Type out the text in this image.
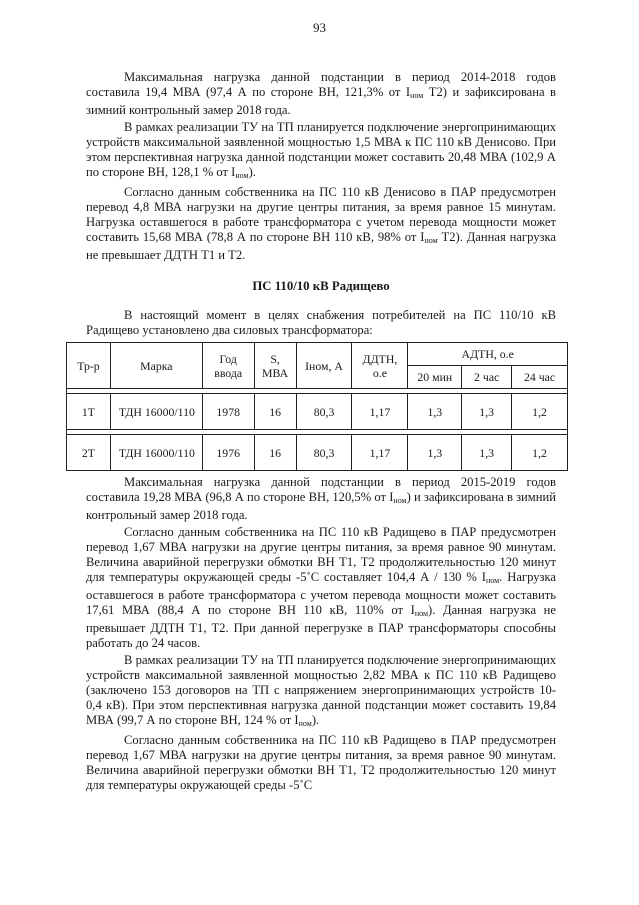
93

Максимальная нагрузка данной подстанции в период 2014-2018 годов составила 19,4 МВА (97,4 А по стороне ВН, 121,3% от $I_{ном}$ Т2) и зафиксирована в зимний контрольный замер 2018 года.

В рамках реализации ТУ на ТП планируется подключение энергопринимающих устройств максимальной заявленной мощностью 1,5 МВА к ПС 110 кВ Денисово. При этом перспективная нагрузка данной подстанции может составить 20,48 МВА (102,9 А по стороне ВН, 128,1 % от $I_{ном}$).

Согласно данным собственника на ПС 110 кВ Денисово в ПАР предусмотрен перевод 4,8 МВА нагрузки на другие центры питания, за время равное 15 минутам. Нагрузка оставшегося в работе трансформатора с учетом перевода мощности может составить 15,68 МВА (78,8 А по стороне ВН 110 кВ, 98% от $I_{ном}$ Т2). Данная нагрузка не превышает ДДТН Т1 и Т2.

ПС 110/10 кВ Радищево

В настоящий момент в целях снабжения потребителей на ПС 110/10 кВ Радищево установлено два силовых трансформатора:

Тр-р	Марка	Год ввода	S, МВА	Iном, А	ДДТН, о.е	АДТН, о.е		
						20 мин	2 час	24 час

1Т	ТДН 16000/110	1978	16	80,3	1,17	1,3	1,3	1,2

2Т	ТДН 16000/110	1976	16	80,3	1,17	1,3	1,3	1,2

Максимальная нагрузка данной подстанции в период 2015-2019 годов составила 19,28 МВА (96,8 А по стороне ВН, 120,5% от $I_{ном}$) и зафиксирована в зимний контрольный замер 2018 года.

Согласно данным собственника на ПС 110 кВ Радищево в ПАР предусмотрен перевод 1,67 МВА нагрузки на другие центры питания, за время равное 90 минутам. Величина аварийной перегрузки обмотки ВН Т1, Т2 продолжительностью 120 минут для температуры окружающей среды -5˚С составляет 104,4 А / 130 % $I_{ном}$. Нагрузка оставшегося в работе трансформатора с учетом перевода мощности может составить 17,61 МВА (88,4 А по стороне ВН 110 кВ, 110% от $I_{ном}$). Данная нагрузка не превышает ДДТН Т1, Т2. При данной перегрузке в ПАР трансформаторы способны работать до 24 часов.

В рамках реализации ТУ на ТП планируется подключение энергопринимающих устройств максимальной заявленной мощностью 2,82 МВА к ПС 110 кВ Радищево (заключено 153 договоров на ТП с напряжением энергопринимающих устройств 10-0,4 кВ). При этом перспективная нагрузка данной подстанции может составить 19,84 МВА (99,7 А по стороне ВН, 124 % от $I_{ном}$).

Согласно данным собственника на ПС 110 кВ Радищево в ПАР предусмотрен перевод 1,67 МВА нагрузки на другие центры питания, за время равное 90 минутам. Величина аварийной перегрузки обмотки ВН Т1, Т2 продолжительностью 120 минут для температуры окружающей среды -5˚С
